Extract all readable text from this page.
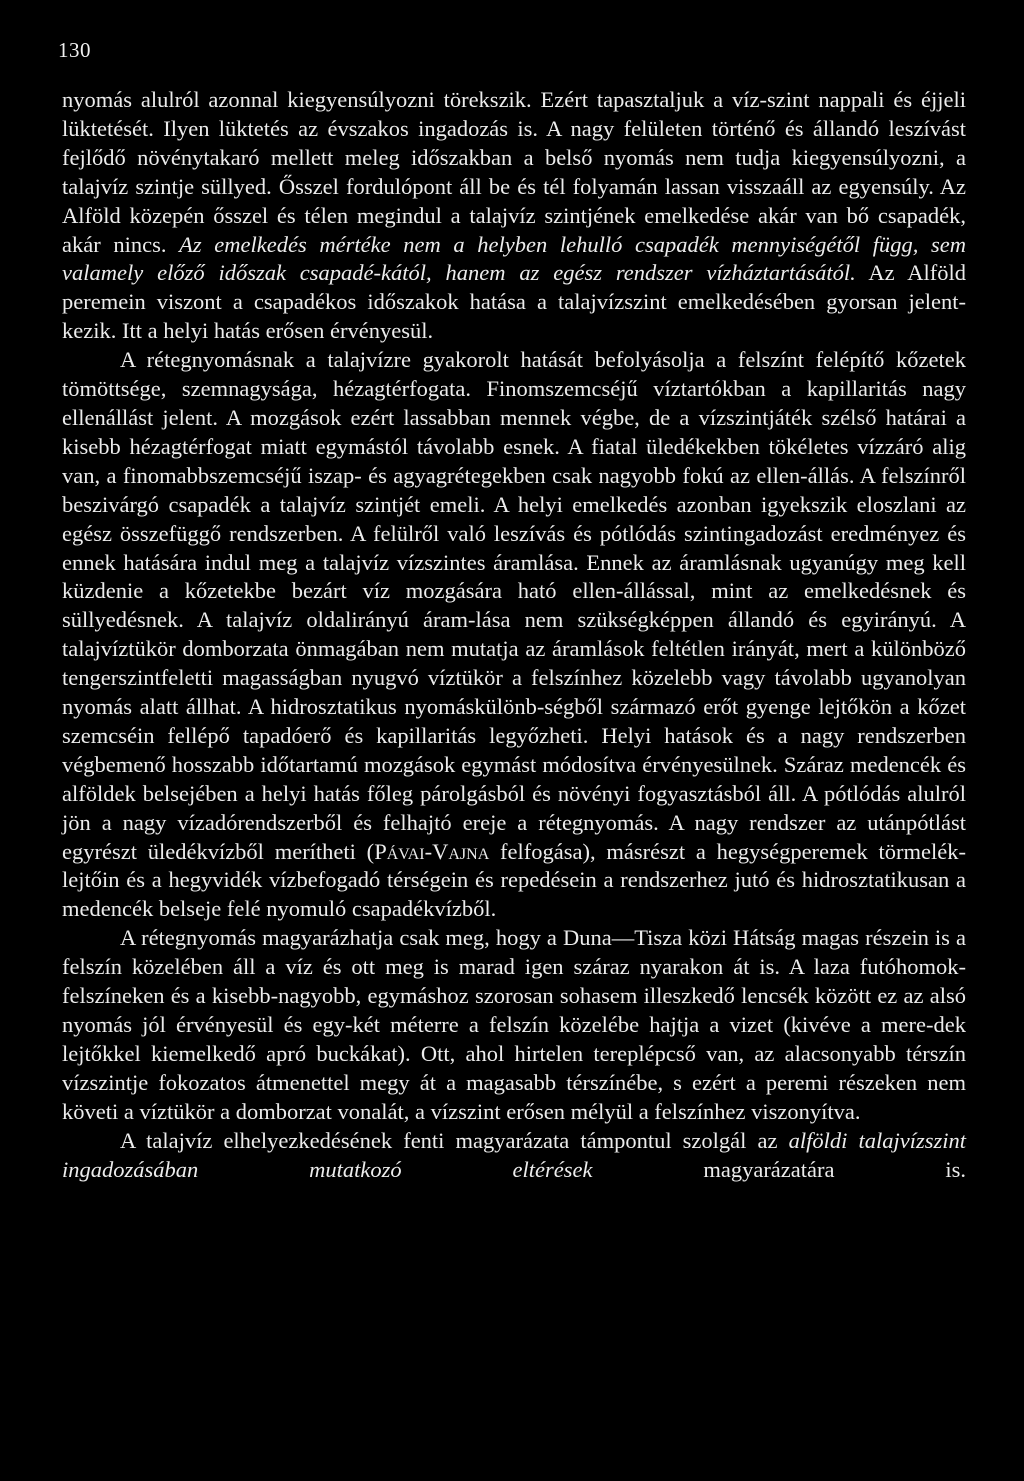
130

nyomás alulról azonnal kiegyensúlyozni törekszik. Ezért tapasztaljuk a víz-szint nappali és éjjeli lüktetését. Ilyen lüktetés az évszakos ingadozás is. A nagy felületen történő és állandó leszívást fejlődő növénytakaró mellett meleg időszakban a belső nyomás nem tudja kiegyensúlyozni, a talajvíz szintje süllyed. Ősszel fordulópont áll be és tél folyamán lassan visszaáll az egyensúly. Az Alföld közepén ősszel és télen megindul a talajvíz szintjének emelkedése akár van bő csapadék, akár nincs. Az emelkedés mértéke nem a helyben lehulló csapadék mennyiségétől függ, sem valamely előző időszak csapadé-kától, hanem az egész rendszer vízháztartásától. Az Alföld peremein viszont a csapadékos időszakok hatása a talajvízszint emelkedésében gyorsan jelent-kezik. Itt a helyi hatás erősen érvényesül.

A rétegnyomásnak a talajvízre gyakorolt hatását befolyásolja a felszínt felépítő kőzetek tömöttsége, szemnagysága, hézagtérfogata. Finomszemcséjű víztartókban a kapillaritás nagy ellenállást jelent. A mozgások ezért lassabban mennek végbe, de a vízszintjáték szélső határai a kisebb hézagtérfogat miatt egymástól távolabb esnek. A fiatal üledékekben tökéletes vízzáró alig van, a finomabbszemcséjű iszap- és agyagrétegekben csak nagyobb fokú az ellen-állás. A felszínről beszivárgó csapadék a talajvíz szintjét emeli. A helyi emelkedés azonban igyekszik eloszlani az egész összefüggő rendszerben. A felülről való leszívás és pótlódás szintingadozást eredményez és ennek hatására indul meg a talajvíz vízszintes áramlása. Ennek az áramlásnak ugyanúgy meg kell küzdenie a kőzetekbe bezárt víz mozgására ható ellen-állással, mint az emelkedésnek és süllyedésnek. A talajvíz oldalirányú áram-lása nem szükségképpen állandó és egyirányú. A talajvíztükör domborzata önmagában nem mutatja az áramlások feltétlen irányát, mert a különböző tengerszintfeletti magasságban nyugvó víztükör a felszínhez közelebb vagy távolabb ugyanolyan nyomás alatt állhat. A hidrosztatikus nyomáskülönb-ségből származó erőt gyenge lejtőkön a kőzet szemcséin fellépő tapadóerő és kapillaritás legyőzheti. Helyi hatások és a nagy rendszerben végbemenő hosszabb időtartamú mozgások egymást módosítva érvényesülnek. Száraz medencék és alföldek belsejében a helyi hatás főleg párolgásból és növényi fogyasztásból áll. A pótlódás alulról jön a nagy vízadórendszerből és felhajtó ereje a rétegnyomás. A nagy rendszer az utánpótlást egyrészt üledékvízből merítheti (Pávai-Vajna felfogása), másrészt a hegységperemek törmelék-lejtőin és a hegyvidék vízbefogadó térségein és repedésein a rendszerhez jutó és hidrosztatikusan a medencék belseje felé nyomuló csapadékvízből.

A rétegnyomás magyarázhatja csak meg, hogy a Duna—Tisza közi Hátság magas részein is a felszín közelében áll a víz és ott meg is marad igen száraz nyarakon át is. A laza futóhomok-felszíneken és a kisebb-nagyobb, egymáshoz szorosan sohasem illeszkedő lencsék között ez az alsó nyomás jól érvényesül és egy-két méterre a felszín közelébe hajtja a vizet (kivéve a mere-dek lejtőkkel kiemelkedő apró buckákat). Ott, ahol hirtelen tereplépcső van, az alacsonyabb térszín vízszintje fokozatos átmenettel megy át a magasabb térszínébe, s ezért a peremi részeken nem követi a víztükör a domborzat vonalát, a vízszint erősen mélyül a felszínhez viszonyítva.

A talajvíz elhelyezkedésének fenti magyarázata támpontul szolgál az alföldi talajvízszint ingadozásában mutatkozó eltérések magyarázatára is.
